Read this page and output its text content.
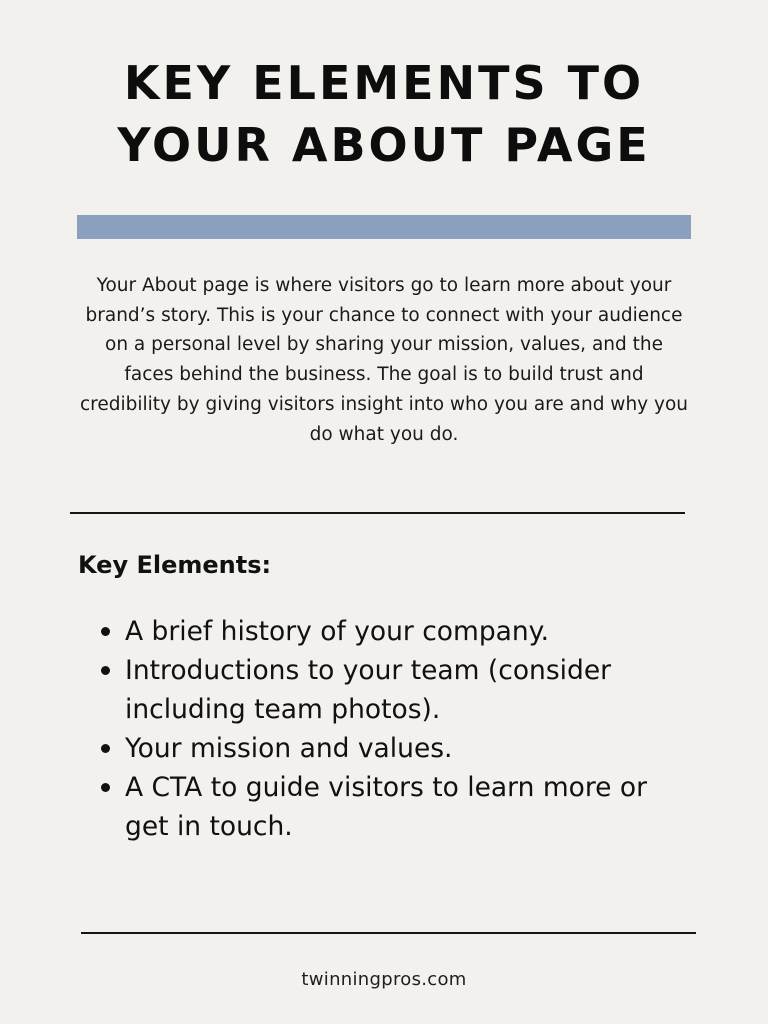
KEY ELEMENTS TO
YOUR ABOUT PAGE

Your About page is where visitors go to learn more about your brand’s story. This is your chance to connect with your audience on a personal level by sharing your mission, values, and the faces behind the business. The goal is to build trust and credibility by giving visitors insight into who you are and why you do what you do.

Key Elements:
A brief history of your company.
Introductions to your team (consider including team photos).
Your mission and values.
A CTA to guide visitors to learn more or get in touch.

twinningpros.com
